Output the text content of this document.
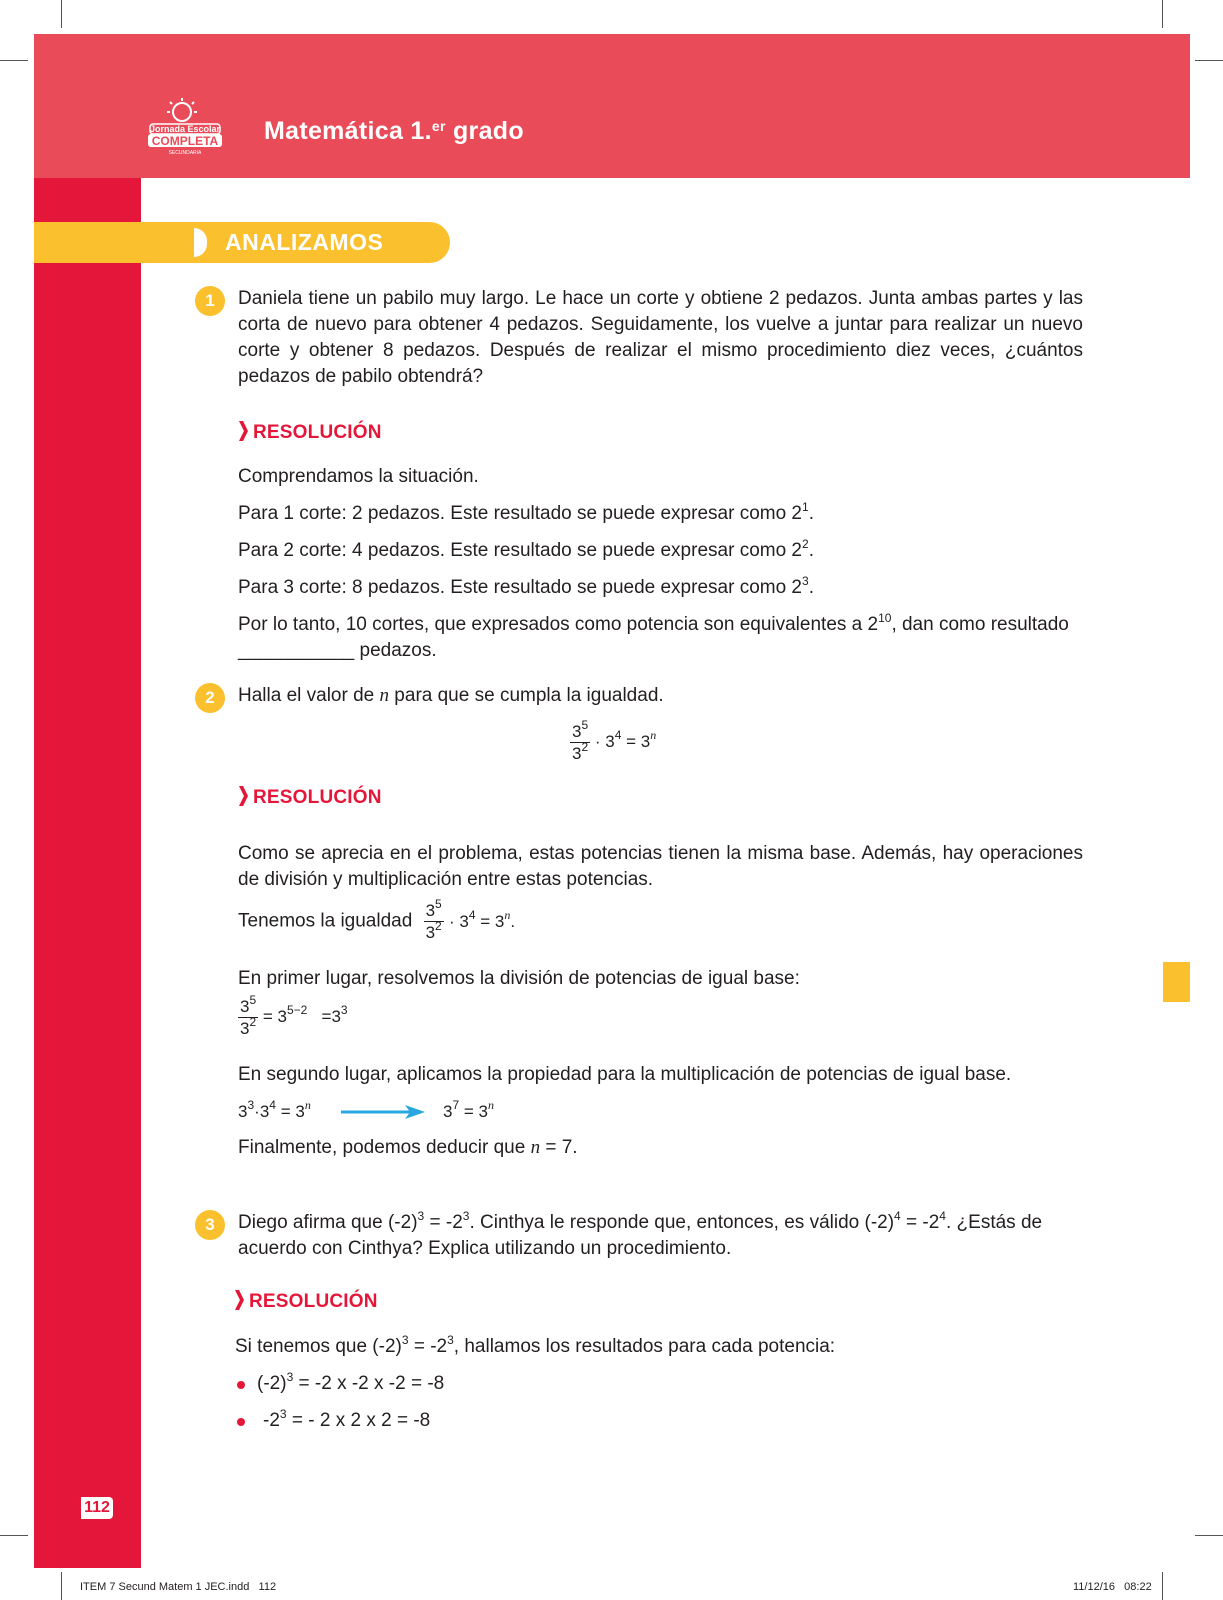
Jornada Escolar
COMPLETA
SECUNDARIA
Matemática 1.$^{er}$ grado
112
ANALIZAMOS
1	Daniela tiene un pabilo muy largo. Le hace un corte y obtiene 2 pedazos. Junta ambas partes y las corta de nuevo para obtener 4 pedazos. Seguidamente, los vuelve a juntar para realizar un nuevo corte y obtener 8 pedazos. Después de realizar el mismo procedimiento diez veces, ¿cuántos pedazos de pabilo obtendrá?
RESOLUCIÓN
Comprendamos la situación.
Para 1 corte: 2 pedazos. Este resultado se puede expresar como $2^1$.
Para 2 corte: 4 pedazos. Este resultado se puede expresar como $2^2$.
Para 3 corte: 8 pedazos. Este resultado se puede expresar como $2^3$.
Por lo tanto, 10 cortes, que expresados como potencia son equivalentes a $2^{10}$, dan como resultado
___________ pedazos.
2	Halla el valor de n para que se cumpla la igualdad.
$\frac{3^5}{3^2} \cdot 3^4 = 3^n$
RESOLUCIÓN
Como se aprecia en el problema, estas potencias tienen la misma base. Además, hay operaciones de división y multiplicación entre estas potencias.
Tenemos la igualdad $\frac{3^5}{3^2} \cdot 3^4 = 3^n$.
En primer lugar, resolvemos la división de potencias de igual base:
$\frac{3^5}{3^2} = 3^{5-2} =3^3$
En segundo lugar, aplicamos la propiedad para la multiplicación de potencias de igual base.
$3^3\cdot 3^4 = 3^n$	$3^7 = 3^n$
Finalmente, podemos deducir que n = 7.
3	Diego afirma que $(-2)^3 = -2^3$. Cinthya le responde que, entonces, es válido $(-2)^4 = -2^4$. ¿Estás de
acuerdo con Cinthya? Explica utilizando un procedimiento.
RESOLUCIÓN
Si tenemos que $(-2)^3 = -2^3$, hallamos los resultados para cada potencia:
$(-2)^3 = -2$ x -2 x -2 = -8
$-2^3$ = - 2 x 2 x 2 = -8
ITEM 7 Secund Matem 1 JEC.indd   112	11/12/16   08:22
